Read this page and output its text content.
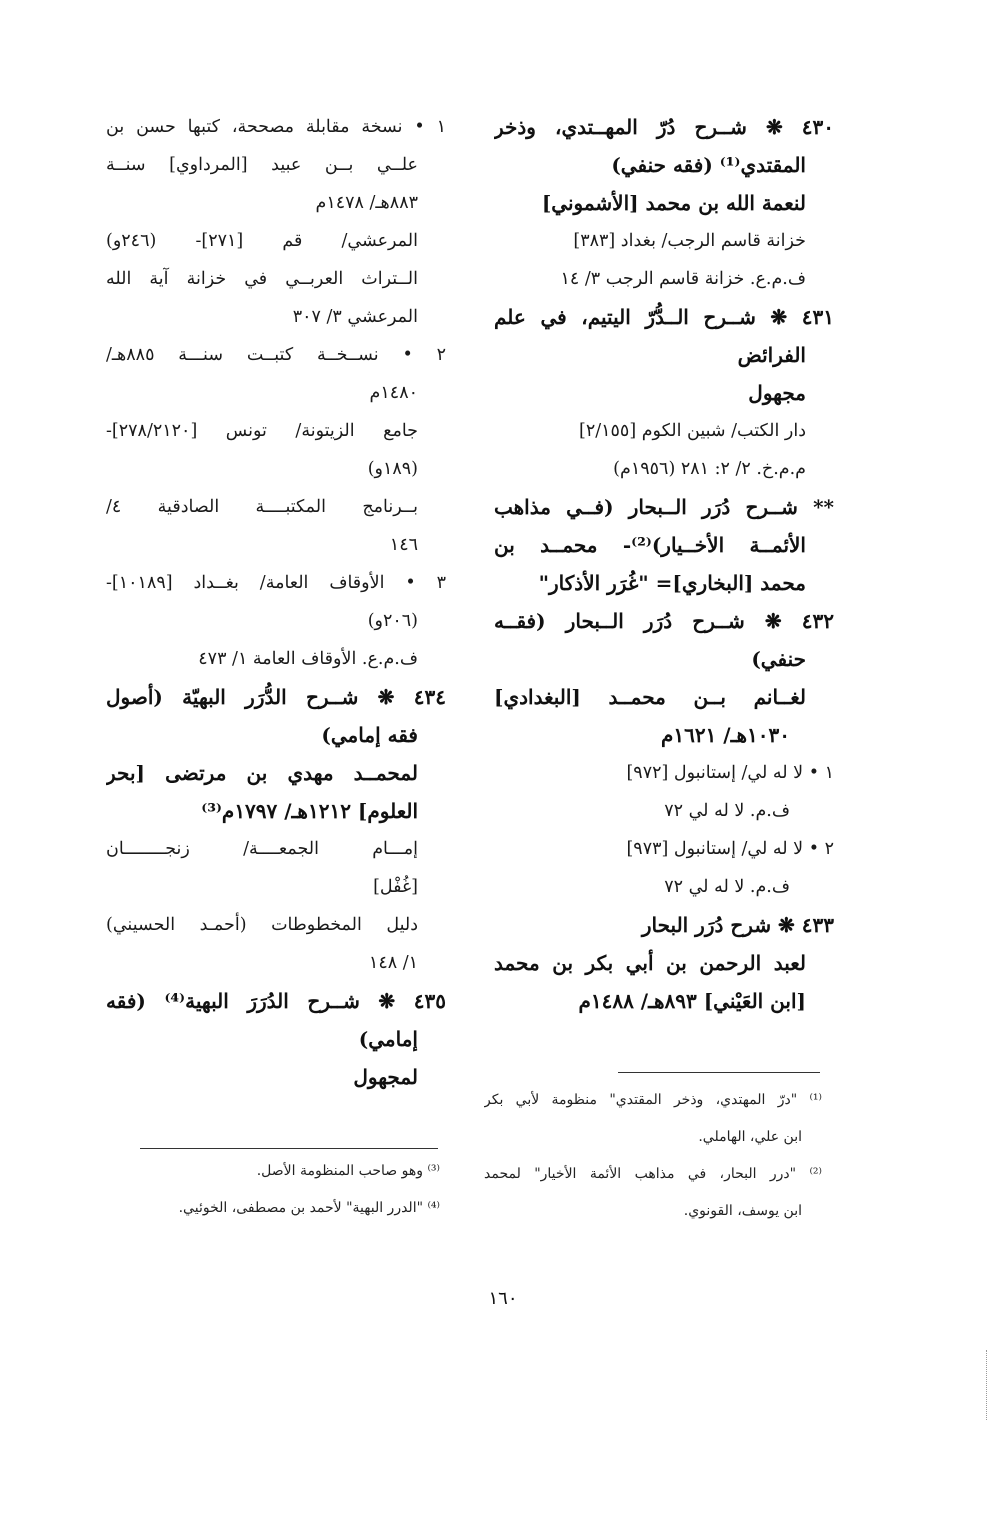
٤٣٠ ❋ شــرح دُرّ المهــتدي، وذخر
المقتدي⁽¹⁾ (فقه حنفي)
لنعمة الله بن محمد [الأشموني]
خزانة قاسم الرجب/ بغداد [٣٨٣]
ف.م.ع. خزانة قاسم الرجب ٣/ ١٤
٤٣١ ❋ شــرح الــدُّرّ اليتيم، في علم
الفرائض
مجهول
دار الكتب/ شبين الكوم [٢/١٥٥]
م.م.خ. ٢/ ٢: ٢٨١ (١٩٥٦م)
** شــرح دُرَر الــبحار (فــي مذاهب
الأئمــة الأخــيار)⁽²⁾- محمــد بن
محمد [البخاري]= "غُرَر الأذكار"
٤٣٢ ❋ شــرح دُرَر الــبحار (فقــه
حنفي)
لغــانم بــن محمــد [البغدادي]
١٠٣٠هـ/ ١٦٢١م
١ • لا له لي/ إستانبول [٩٧٢]
ف.م. لا له لي ٧٢
٢ • لا له لي/ إستانبول [٩٧٣]
ف.م. لا له لي ٧٢
٤٣٣ ❋ شرح دُرَر البحار
لعبد الرحمن بن أبي بكر بن محمد
[ابن العَيْني] ٨٩٣هـ/ ١٤٨٨م
١ • نسخة مقابلة مصححة، كتبها حسن بن
علــي بــن عبيد [المرداوي] سنــة
٨٨٣هـ/ ١٤٧٨م
المرعشي/ قم [٢٧١]- (٢٤٦و)
الــتراث العربــي في خزانة آية الله
المرعشي ٣/ ٣٠٧
٢ • نســخــة كتبــت سنـــة ٨٨٥هـ/
١٤٨٠م
جامع الزيتونة/ تونس [٢٧٨/٢١٢٠]-
(١٨٩و)
بــرنامج المكتبــــة الصادقية ٤/
١٤٦
٣ • الأوقاف العامة/ بغــداد [١٠١٨٩]-
(٢٠٦و)
ف.م.ع. الأوقاف العامة ١/ ٤٧٣
٤٣٤ ❋ شــرح الدُّرَر البهيّة (أصول
فقه إمامي)
لمحمــد مهدي بن مرتضى [بحر
العلوم] ١٢١٢هـ/ ١٧٩٧م⁽³⁾
إمـــام الجمعــــة/ زنجــــــــان
[غُفْل]
دليل المخطوطات (أحمـد الحسيني)
١/ ١٤٨
٤٣٥ ❋ شــرح الدُرَرَ البهية⁽⁴⁾ (فقه
إمامي)
لمجهول
⁽¹⁾ "درّ المهتدي، وذخر المقتدي" منظومة لأبي بكر
ابن علي، الهاملي.
⁽²⁾ "درر البحار، في مذاهب الأئمة الأخيار" لمحمد
ابن يوسف، القونوي.
⁽³⁾ وهو صاحب المنظومة الأصل.
⁽⁴⁾ "الدرر البهية" لأحمد بن مصطفى، الخوئيي.
١٦٠
